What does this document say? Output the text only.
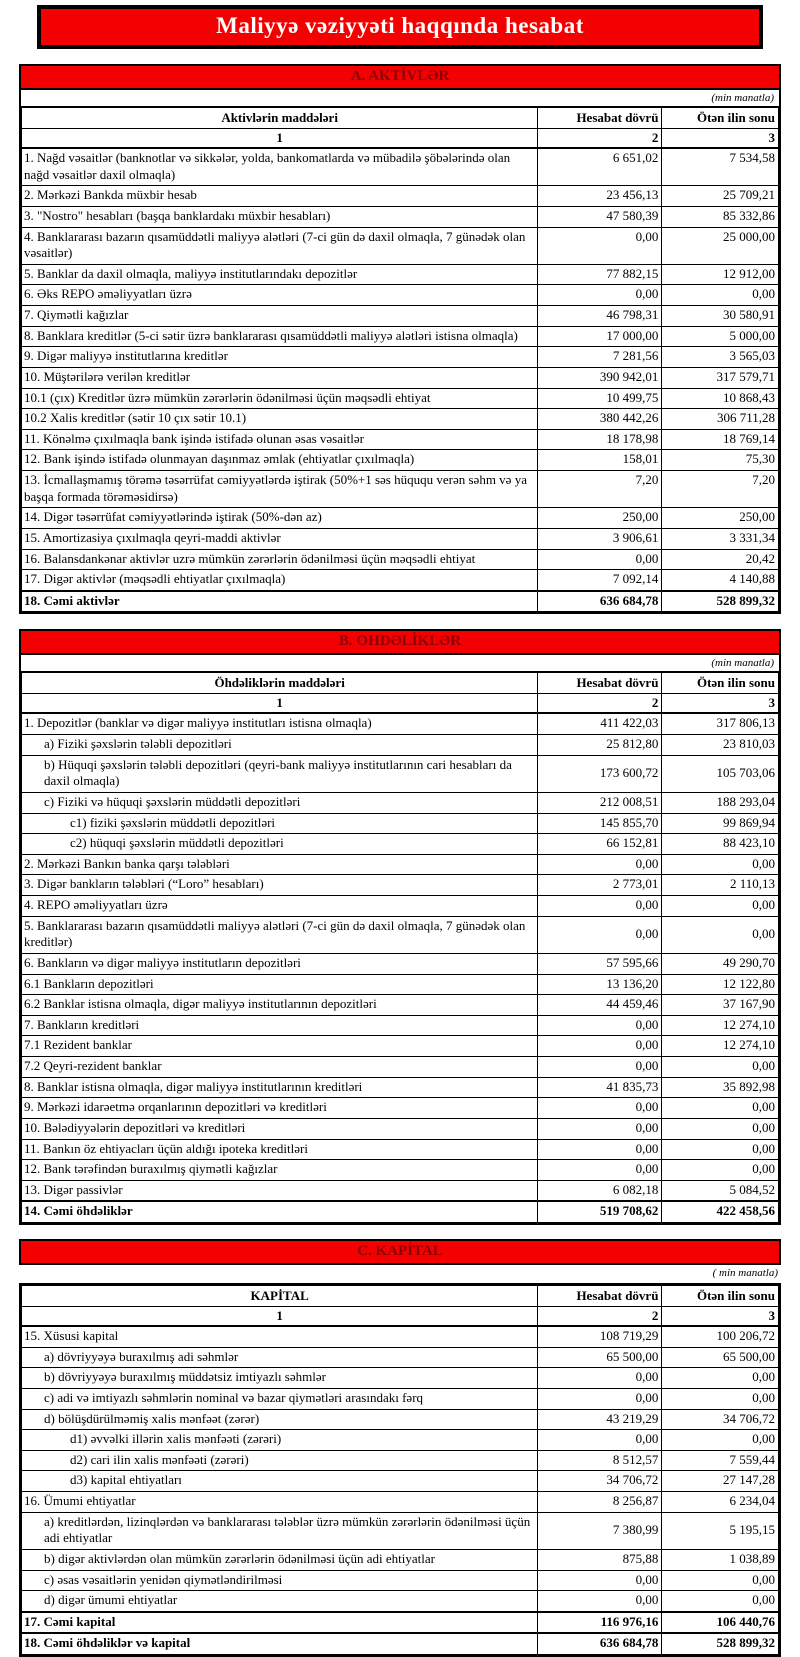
Maliyyə vəziyyəti haqqında hesabat
A. AKTİVLƏR
(min manatla)
Aktivlərin maddələri	Hesabat dövrü	Ötən ilin sonu
1	2	3
1. Nağd vəsaitlər (banknotlar və sikkələr, yolda, bankomatlarda və mübadilə şöbələrində olan nağd vəsaitlər daxil olmaqla)	6 651,02	7 534,58
2. Mərkəzi Bankda müxbir hesab	23 456,13	25 709,21
3. "Nostro" hesabları (başqa banklardakı müxbir hesabları)	47 580,39	85 332,86
4. Banklararası bazarın qısamüddətli maliyyə alətləri (7-ci gün də daxil olmaqla, 7 günədək olan vəsaitlər)	0,00	25 000,00
5. Banklar da daxil olmaqla, maliyyə institutlarındakı depozitlər	77 882,15	12 912,00
6. Əks REPO əməliyyatları üzrə	0,00	0,00
7. Qiymətli kağızlar	46 798,31	30 580,91
8. Banklara kreditlər (5-ci sətir üzrə banklararası qısamüddətli maliyyə alətləri istisna olmaqla)	17 000,00	5 000,00
9. Digər maliyyə institutlarına kreditlər	7 281,56	3 565,03
10. Müştərilərə verilən kreditlər	390 942,01	317 579,71
10.1 (çıx) Kreditlər üzrə mümkün zərərlərin ödənilməsi üçün məqsədli ehtiyat	10 499,75	10 868,43
10.2 Xalis kreditlər (sətir 10 çıx sətir 10.1)	380 442,26	306 711,28
11. Könəlmə çıxılmaqla bank işində istifadə olunan əsas vəsaitlər	18 178,98	18 769,14
12. Bank işində istifadə olunmayan daşınmaz əmlak (ehtiyatlar çıxılmaqla)	158,01	75,30
13. İcmallaşmamış törəmə təsərrüfat cəmiyyətlərdə iştirak (50%+1 səs hüququ verən səhm və ya başqa formada törəməsidirsə)	7,20	7,20
14. Digər təsərrüfat cəmiyyətlərində iştirak (50%-dən az)	250,00	250,00
15. Amortizasiya çıxılmaqla qeyri-maddi aktivlər	3 906,61	3 331,34
16. Balansdankənar aktivlər uzrə mümkün zərərlərin ödənilməsi üçün məqsədli ehtiyat	0,00	20,42
17. Digər aktivlər (məqsədli ehtiyatlar çıxılmaqla)	7 092,14	4 140,88
18. Cəmi aktivlər	636 684,78	528 899,32
B. OHDƏLİKLƏR
(min manatla)
Öhdəliklərin maddələri	Hesabat dövrü	Ötən ilin sonu
1	2	3
1. Depozitlər (banklar və digər maliyyə institutları istisna olmaqla)	411 422,03	317 806,13
a) Fiziki şəxslərin tələbli depozitləri	25 812,80	23 810,03
b) Hüquqi şəxslərin tələbli depozitləri (qeyri-bank maliyyə institutlarının cari hesabları da daxil olmaqla)	173 600,72	105 703,06
c) Fiziki və hüquqi şəxslərin müddətli depozitləri	212 008,51	188 293,04
c1) fiziki şəxslərin müddətli depozitləri	145 855,70	99 869,94
c2) hüquqi şəxslərin müddətli depozitləri	66 152,81	88 423,10
2. Mərkəzi Bankın banka qarşı tələbləri	0,00	0,00
3. Digər bankların tələbləri (“Loro” hesabları)	2 773,01	2 110,13
4. REPO əməliyyatları üzrə	0,00	0,00
5. Banklararası bazarın qısamüddətli maliyyə alətləri (7-ci gün də daxil olmaqla, 7 günədək olan kreditlər)	0,00	0,00
6. Bankların və digər maliyyə institutların depozitləri	57 595,66	49 290,70
6.1 Bankların depozitləri	13 136,20	12 122,80
6.2 Banklar istisna olmaqla, digər maliyyə institutlarının depozitləri	44 459,46	37 167,90
7. Bankların kreditləri	0,00	12 274,10
7.1 Rezident banklar	0,00	12 274,10
7.2 Qeyri-rezident banklar	0,00	0,00
8. Banklar istisna olmaqla, digər maliyyə institutlarının kreditləri	41 835,73	35 892,98
9. Mərkəzi idarəetmə orqanlarının depozitləri və kreditləri	0,00	0,00
10. Bələdiyyələrin depozitləri və kreditləri	0,00	0,00
11. Bankın öz ehtiyacları üçün aldığı ipoteka kreditləri	0,00	0,00
12. Bank tərəfindən buraxılmış qiymətli kağızlar	0,00	0,00
13. Digər passivlər	6 082,18	5 084,52
14. Cəmi öhdəliklər	519 708,62	422 458,56
C. KAPİTAL
( min manatla)
KAPİTAL	Hesabat dövrü	Ötən ilin sonu
1	2	3
15. Xüsusi kapital	108 719,29	100 206,72
a) dövriyyəyə buraxılmış adi səhmlər	65 500,00	65 500,00
b) dövriyyəyə buraxılmış müddətsiz imtiyazlı səhmlər	0,00	0,00
c) adi və imtiyazlı səhmlərin nominal və bazar qiymətləri arasındakı fərq	0,00	0,00
d) bölüşdürülməmiş xalis mənfəət (zərər)	43 219,29	34 706,72
d1) əvvəlki illərin xalis mənfəəti (zərəri)	0,00	0,00
d2) cari ilin xalis mənfəəti (zərəri)	8 512,57	7 559,44
d3) kapital ehtiyatları	34 706,72	27 147,28
16. Ümumi ehtiyatlar	8 256,87	6 234,04
a) kreditlərdən, lizinqlərdən və banklararası tələblər üzrə mümkün zərərlərin ödənilməsi üçün adi ehtiyatlar	7 380,99	5 195,15
b) digər aktivlərdən olan mümkün zərərlərin ödənilməsi üçün adi ehtiyatlar	875,88	1 038,89
c) əsas vəsaitlərin yenidən qiymətləndirilməsi	0,00	0,00
d) digər ümumi ehtiyatlar	0,00	0,00
17. Cəmi kapital	116 976,16	106 440,76
18. Cəmi öhdəliklər və kapital	636 684,78	528 899,32
